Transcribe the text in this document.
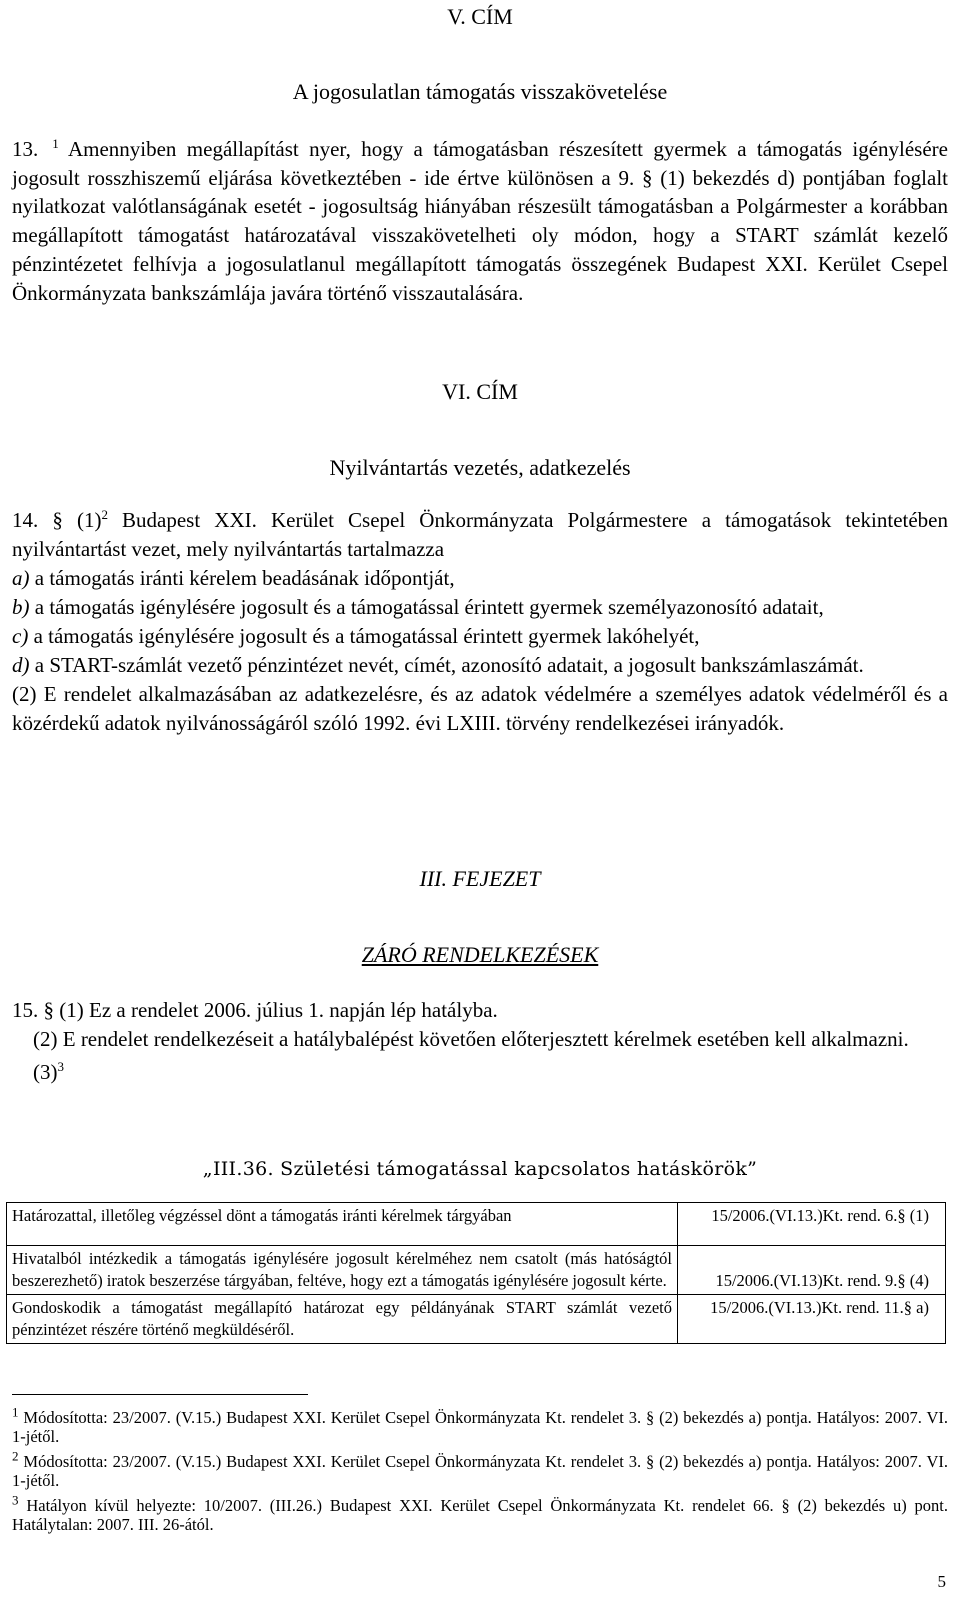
V. CÍM
A jogosulatlan támogatás visszakövetelése
13. $^1$ Amennyiben megállapítást nyer, hogy a támogatásban részesített gyermek a támogatás igénylésére jogosult rosszhiszemű eljárása következtében - ide értve különösen a 9. § (1) bekezdés d) pontjában foglalt nyilatkozat valótlanságának esetét - jogosultság hiányában részesült támogatásban a Polgármester a korábban megállapított támogatást határozatával visszakövetelheti oly módon, hogy a START számlát kezelő pénzintézetet felhívja a jogosulatlanul megállapított támogatás összegének Budapest XXI. Kerület Csepel Önkormányzata bankszámlája javára történő visszautalására.
VI. CÍM
Nyilvántartás vezetés, adatkezelés
14. § $(1)^2$ Budapest XXI. Kerület Csepel Önkormányzata Polgármestere a támogatások tekintetében nyilvántartást vezet, mely nyilvántartás tartalmazza
a) a támogatás iránti kérelem beadásának időpontját,
b) a támogatás igénylésére jogosult és a támogatással érintett gyermek személyazonosító adatait,
c) a támogatás igénylésére jogosult és a támogatással érintett gyermek lakóhelyét,
d) a START-számlát vezető pénzintézet nevét, címét, azonosító adatait, a jogosult bankszámlaszámát.
(2) E rendelet alkalmazásában az adatkezelésre, és az adatok védelmére a személyes adatok védelméről és a közérdekű adatok nyilvánosságáról szóló 1992. évi LXIII. törvény rendelkezései irányadók.
III. FEJEZET
ZÁRÓ RENDELKEZÉSEK
15. § (1) Ez a rendelet 2006. július 1. napján lép hatályba.
(2) E rendelet rendelkezéseit a hatálybalépést követően előterjesztett kérelmek esetében kell alkalmazni.
$(3)^3$
„III.36. Születési támogatással kapcsolatos hatáskörök”
Határozattal, illetőleg végzéssel dönt a támogatás iránti kérelmek tárgyában	15/2006.(VI.13.)Kt. rend. 6.§ (1)
Hivatalból intézkedik a támogatás igénylésére jogosult kérelméhez nem csatolt (más hatóságtól beszerezhető) iratok beszerzése tárgyában, feltéve, hogy ezt a támogatás igénylésére jogosult kérte.	15/2006.(VI.13)Kt. rend. 9.§ (4)
Gondoskodik a támogatást megállapító határozat egy példányának START számlát vezető pénzintézet részére történő megküldéséről.	15/2006.(VI.13.)Kt. rend. 11.§ a)
$^1$ Módosította: 23/2007. (V.15.) Budapest XXI. Kerület Csepel Önkormányzata Kt. rendelet 3. § (2) bekezdés a) pontja. Hatályos: 2007. VI. 1-jétől.
$^2$ Módosította: 23/2007. (V.15.) Budapest XXI. Kerület Csepel Önkormányzata Kt. rendelet 3. § (2) bekezdés a) pontja. Hatályos: 2007. VI. 1-jétől.
$^3$ Hatályon kívül helyezte: 10/2007. (III.26.) Budapest XXI. Kerület Csepel Önkormányzata Kt. rendelet 66. § (2) bekezdés u) pont. Hatálytalan: 2007. III. 26-ától.
5
